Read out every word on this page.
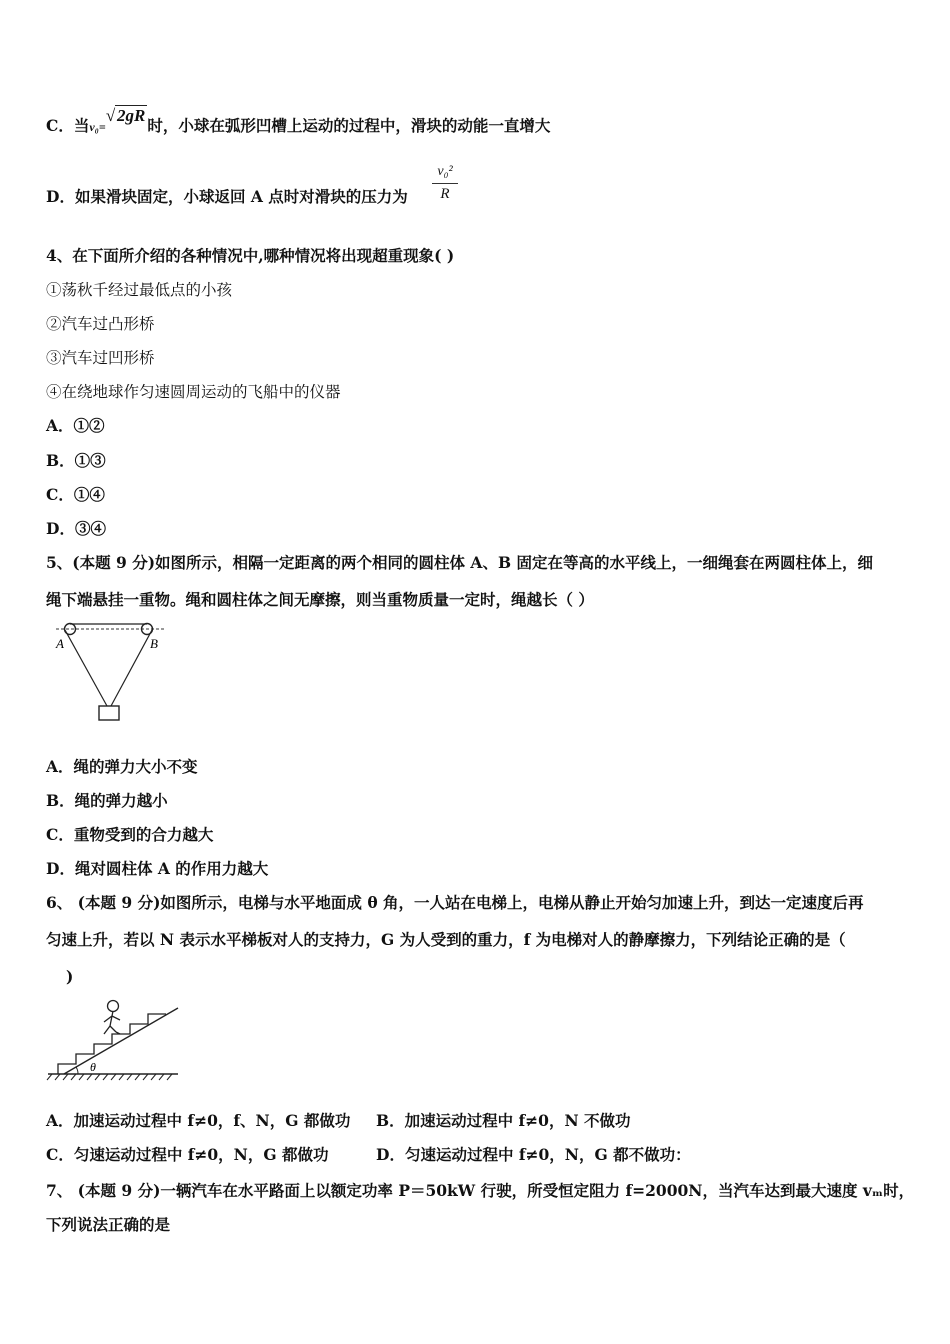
C．当v₀=√ 2gR时，小球在弧形凹槽上运动的过程中，滑块的动能一直增大
D．如果滑块固定，小球返回 A 点时对滑块的压力为 $\frac{\text{v₀²}}{R}$
4、在下面所介绍的各种情况中,哪种情况将出现超重现象( )
①荡秋千经过最低点的小孩
②汽车过凸形桥
③汽车过凹形桥
④在绕地球作匀速圆周运动的飞船中的仪器
A．①②
B．①③
C．①④
D．③④
5、(本题 9 分)如图所示，相隔一定距离的两个相同的圆柱体 A、B 固定在等高的水平线上，一细绳套在两圆柱体上，细
绳下端悬挂一重物。绳和圆柱体之间无摩擦，则当重物质量一定时，绳越长（ ）
A	B
A．绳的弹力大小不变
B．绳的弹力越小
C．重物受到的合力越大
D．绳对圆柱体 A 的作用力越大
6、 (本题 9 分)如图所示，电梯与水平地面成 θ 角，一人站在电梯上，电梯从静止开始匀加速上升，到达一定速度后再
匀速上升，若以 N 表示水平梯板对人的支持力，G 为人受到的重力，f 为电梯对人的静摩擦力，下列结论正确的是（
)
θ
A．加速运动过程中 f≠0，f、N，G 都做功 B．加速运动过程中 f≠0，N 不做功
C．匀速运动过程中 f≠0，N，G 都做功	D．匀速运动过程中 f≠0，N，G 都不做功：
7、 (本题 9 分)一辆汽车在水平路面上以额定功率 P＝50kW 行驶，所受恒定阻力 f=2000N，当汽车达到最大速度 vₘ时，
下列说法正确的是
